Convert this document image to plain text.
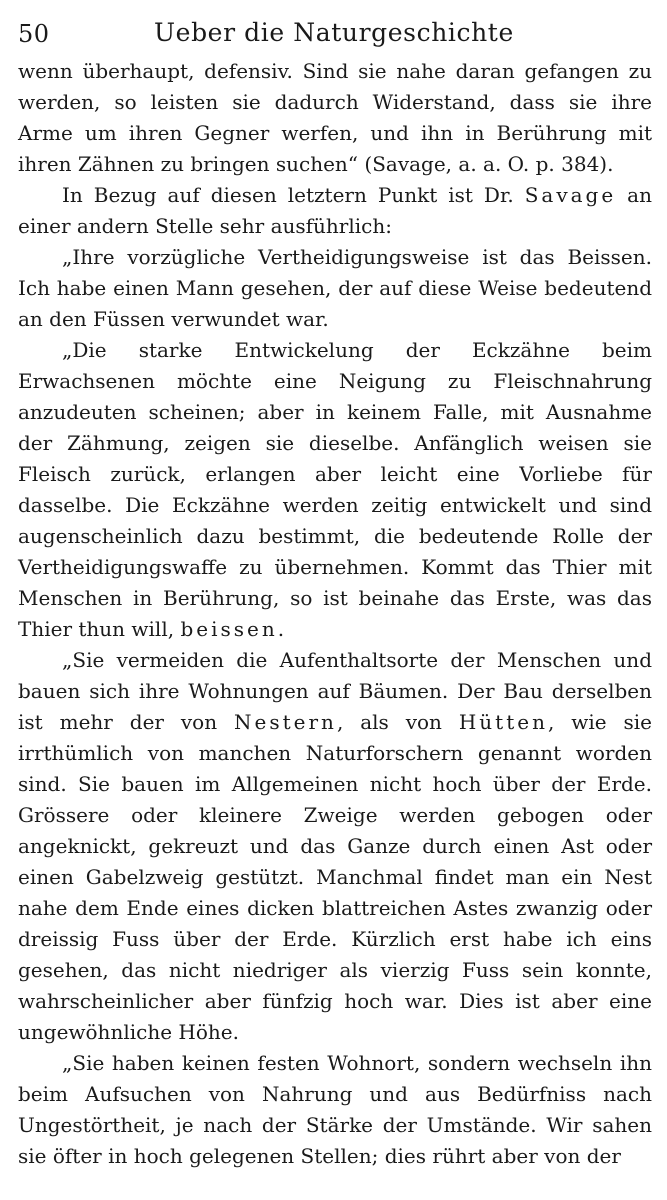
50	Ueber die Naturgeschichte

wenn überhaupt, defensiv. Sind sie nahe daran gefangen zu werden, so leisten sie dadurch Widerstand, dass sie ihre Arme um ihren Gegner werfen, und ihn in Berührung mit ihren Zähnen zu bringen suchen“ (Savage, a. a. O. p. 384).

In Bezug auf diesen letztern Punkt ist Dr. Savage an einer andern Stelle sehr ausführlich:

„Ihre vorzügliche Vertheidigungsweise ist das Beissen. Ich habe einen Mann gesehen, der auf diese Weise bedeutend an den Füssen verwundet war.

„Die starke Entwickelung der Eckzähne beim Erwachsenen möchte eine Neigung zu Fleischnahrung anzudeuten scheinen; aber in keinem Falle, mit Ausnahme der Zähmung, zeigen sie dieselbe. Anfänglich weisen sie Fleisch zurück, erlangen aber leicht eine Vorliebe für dasselbe. Die Eckzähne werden zeitig entwickelt und sind augenscheinlich dazu bestimmt, die bedeutende Rolle der Vertheidigungswaffe zu übernehmen. Kommt das Thier mit Menschen in Berührung, so ist beinahe das Erste, was das Thier thun will, beissen.

„Sie vermeiden die Aufenthaltsorte der Menschen und bauen sich ihre Wohnungen auf Bäumen. Der Bau derselben ist mehr der von Nestern, als von Hütten, wie sie irrthümlich von manchen Naturforschern genannt worden sind. Sie bauen im Allgemeinen nicht hoch über der Erde. Grössere oder kleinere Zweige werden gebogen oder angeknickt, gekreuzt und das Ganze durch einen Ast oder einen Gabelzweig gestützt. Manchmal findet man ein Nest nahe dem Ende eines dicken blattreichen Astes zwanzig oder dreissig Fuss über der Erde. Kürzlich erst habe ich eins gesehen, das nicht niedriger als vierzig Fuss sein konnte, wahrscheinlicher aber fünfzig hoch war. Dies ist aber eine ungewöhnliche Höhe.

„Sie haben keinen festen Wohnort, sondern wechseln ihn beim Aufsuchen von Nahrung und aus Bedürfniss nach Ungestörtheit, je nach der Stärke der Umstände. Wir sahen sie öfter in hoch gelegenen Stellen; dies rührt aber von der
